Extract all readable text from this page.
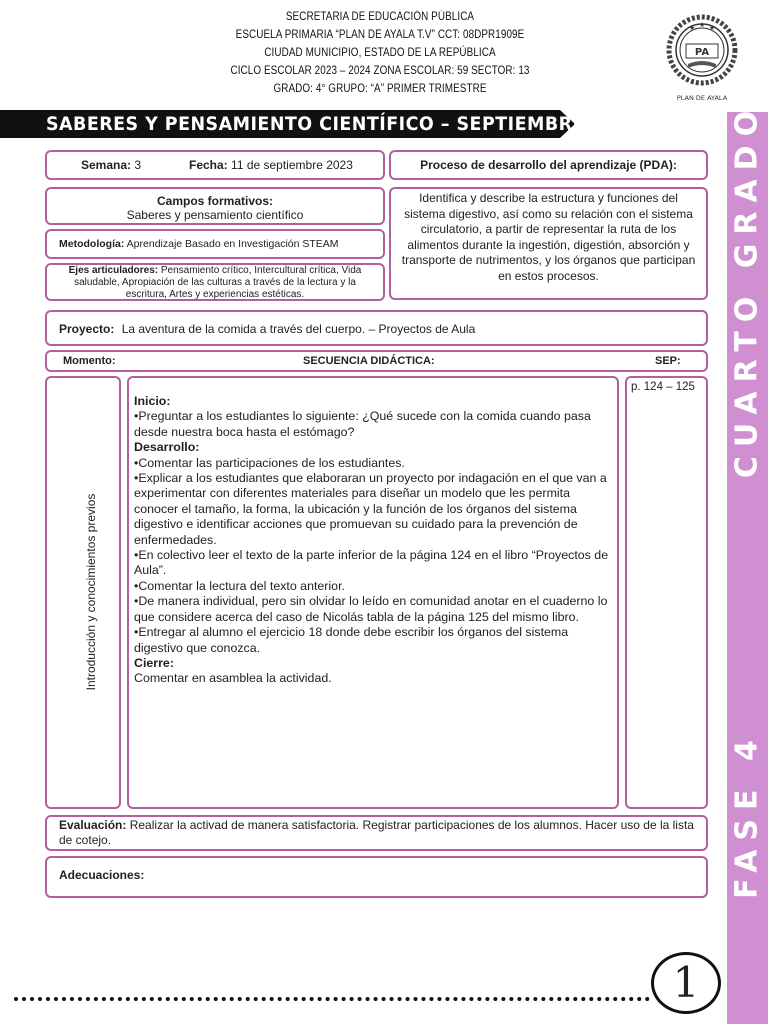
SECRETARIA DE EDUCACIÓN PÚBLICA
ESCUELA PRIMARIA “PLAN DE AYALA T.V” CCT: 08DPR1909E
CIUDAD MUNICIPIO, ESTADO DE LA REPÚBLICA
CICLO ESCOLAR 2023 – 2024 ZONA ESCOLAR: 59 SECTOR: 13
GRADO: 4° GRUPO: “A” PRIMER TRIMESTRE
★ ★ ★
PA
PLAN DE AYALA
SABERES Y PENSAMIENTO CIENTÍFICO – SEPTIEMBRE	CUARTO GRADO
FASE 4
Semana: 3	Fecha: 11 de septiembre 2023	Proceso de desarrollo del aprendizaje (PDA):
Campos formativos:
Saberes y pensamiento científico
Identifica y describe la estructura y funciones del sistema digestivo, así como su relación con el sistema circulatorio, a partir de representar la ruta de los alimentos durante la ingestión, digestión, absorción y transporte de nutrimentos, y los órganos que participan en estos procesos.
Metodología: Aprendizaje Basado en Investigación STEAM
Ejes articuladores: Pensamiento crítico, Intercultural crítica, Vida saludable, Apropiación de las culturas a través de la lectura y la escritura, Artes y experiencias estéticas.
Proyecto: La aventura de la comida a través del cuerpo. – Proyectos de Aula
Momento:	SECUENCIA DIDÁCTICA:	SEP:
Introducción y conocimientos previos
Inicio:
•Preguntar a los estudiantes lo siguiente: ¿Qué sucede con la comida cuando pasa desde nuestra boca hasta el estómago?
Desarrollo:
•Comentar las participaciones de los estudiantes.
•Explicar a los estudiantes que elaboraran un proyecto por indagación en el que van a experimentar con diferentes materiales para diseñar un modelo que les permita conocer el tamaño, la forma, la ubicación y la función de los órganos del sistema digestivo e identificar acciones que promuevan su cuidado para la prevención de enfermedades.
•En colectivo leer el texto de la parte inferior de la página 124 en el libro “Proyectos de Aula”.
•Comentar la lectura del texto anterior.
•De manera individual, pero sin olvidar lo leído en comunidad anotar en el cuaderno lo que considere acerca del caso de Nicolás tabla de la página 125 del mismo libro.
•Entregar al alumno el ejercicio 18 donde debe escribir los órganos del sistema digestivo que conozca.
Cierre:
Comentar en asamblea la actividad.
p. 124 – 125
Evaluación: Realizar la activad de manera satisfactoria. Registrar participaciones de los alumnos. Hacer uso de la lista de cotejo.
Adecuaciones:
1
